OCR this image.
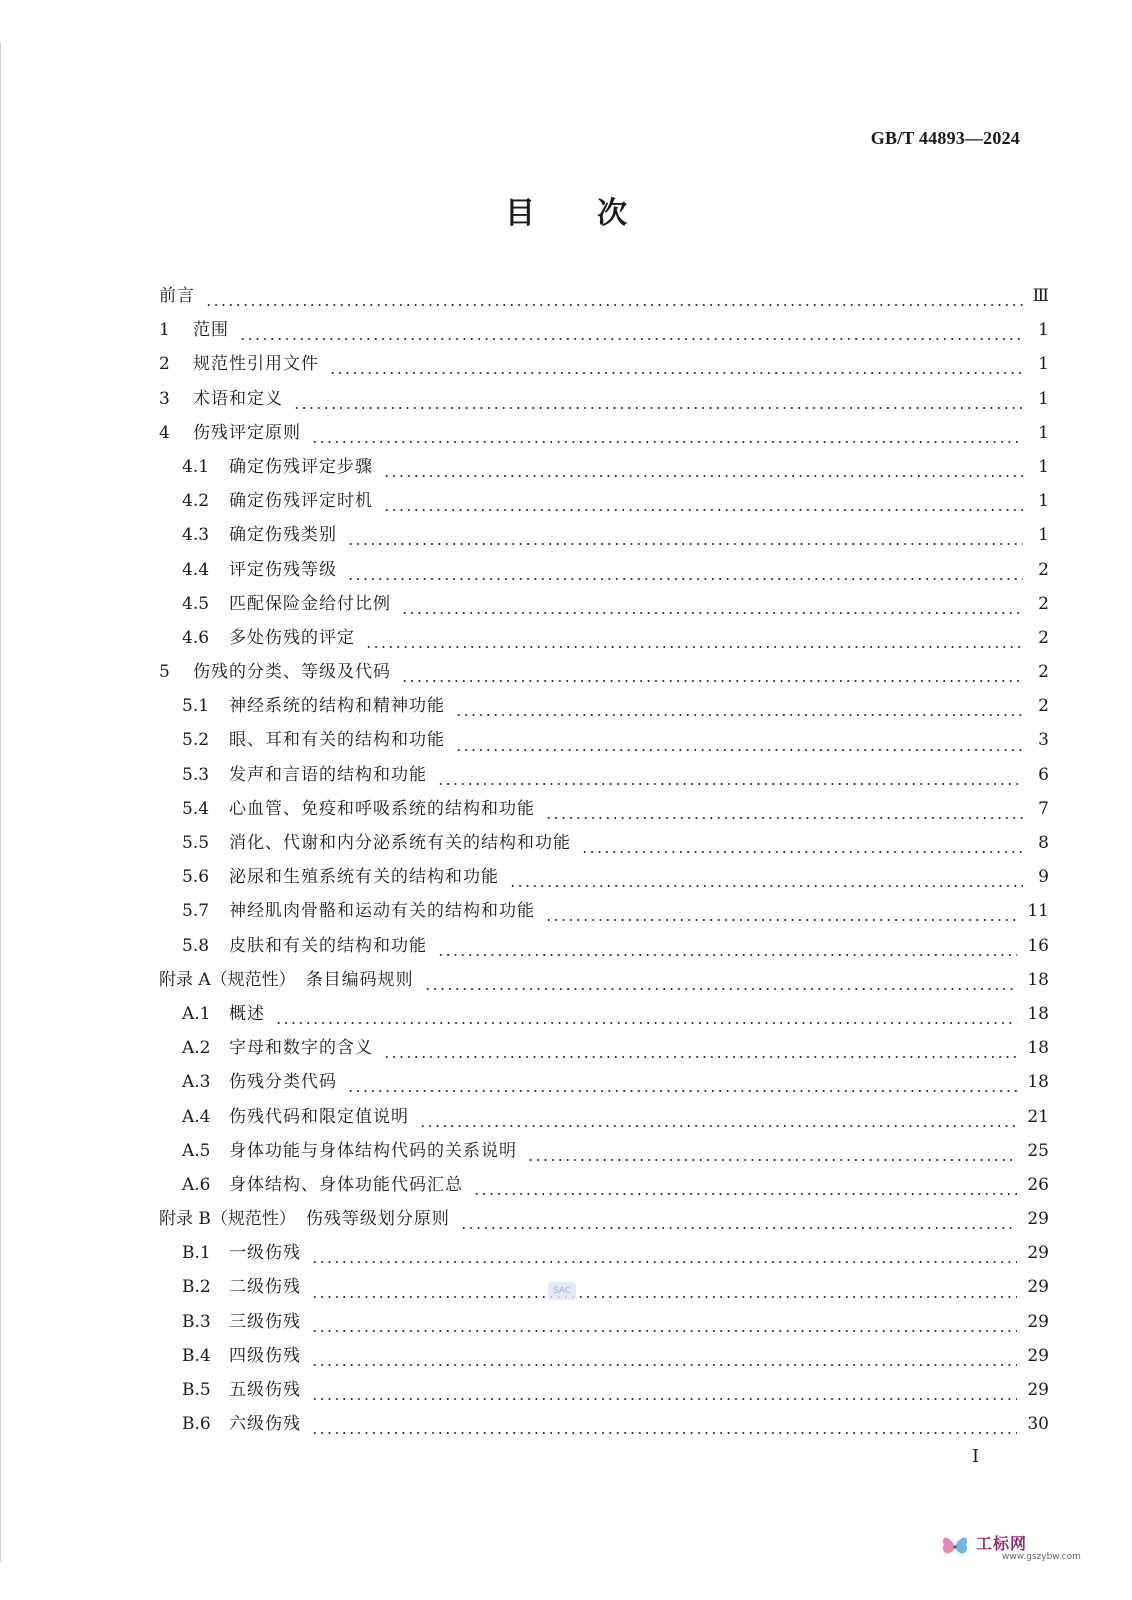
GB/T 44893—2024
目 次
前言	Ⅲ
1	范围	1
2	规范性引用文件	1
3	术语和定义	1
4	伤残评定原则	1
4.1	确定伤残评定步骤	1
4.2	确定伤残评定时机	1
4.3	确定伤残类别	1
4.4	评定伤残等级	2
4.5	匹配保险金给付比例	2
4.6	多处伤残的评定	2
5	伤残的分类、等级及代码	2
5.1	神经系统的结构和精神功能	2
5.2	眼、耳和有关的结构和功能	3
5.3	发声和言语的结构和功能	6
5.4	心血管、免疫和呼吸系统的结构和功能	7
5.5	消化、代谢和内分泌系统有关的结构和功能	8
5.6	泌尿和生殖系统有关的结构和功能	9
5.7	神经肌肉骨骼和运动有关的结构和功能	11
5.8	皮肤和有关的结构和功能	16
附录 A（规范性） 条目编码规则	18
A.1	概述	18
A.2	字母和数字的含义	18
A.3	伤残分类代码	18
A.4	伤残代码和限定值说明	21
A.5	身体功能与身体结构代码的关系说明	25
A.6	身体结构、身体功能代码汇总	26
附录 B（规范性） 伤残等级划分原则	29
B.1	一级伤残	29
B.2	二级伤残	29
B.3	三级伤残	29
B.4	四级伤残	29
B.5	五级伤残	29
B.6	六级伤残	30
SAC
I
工标网
www.gszybw.com
